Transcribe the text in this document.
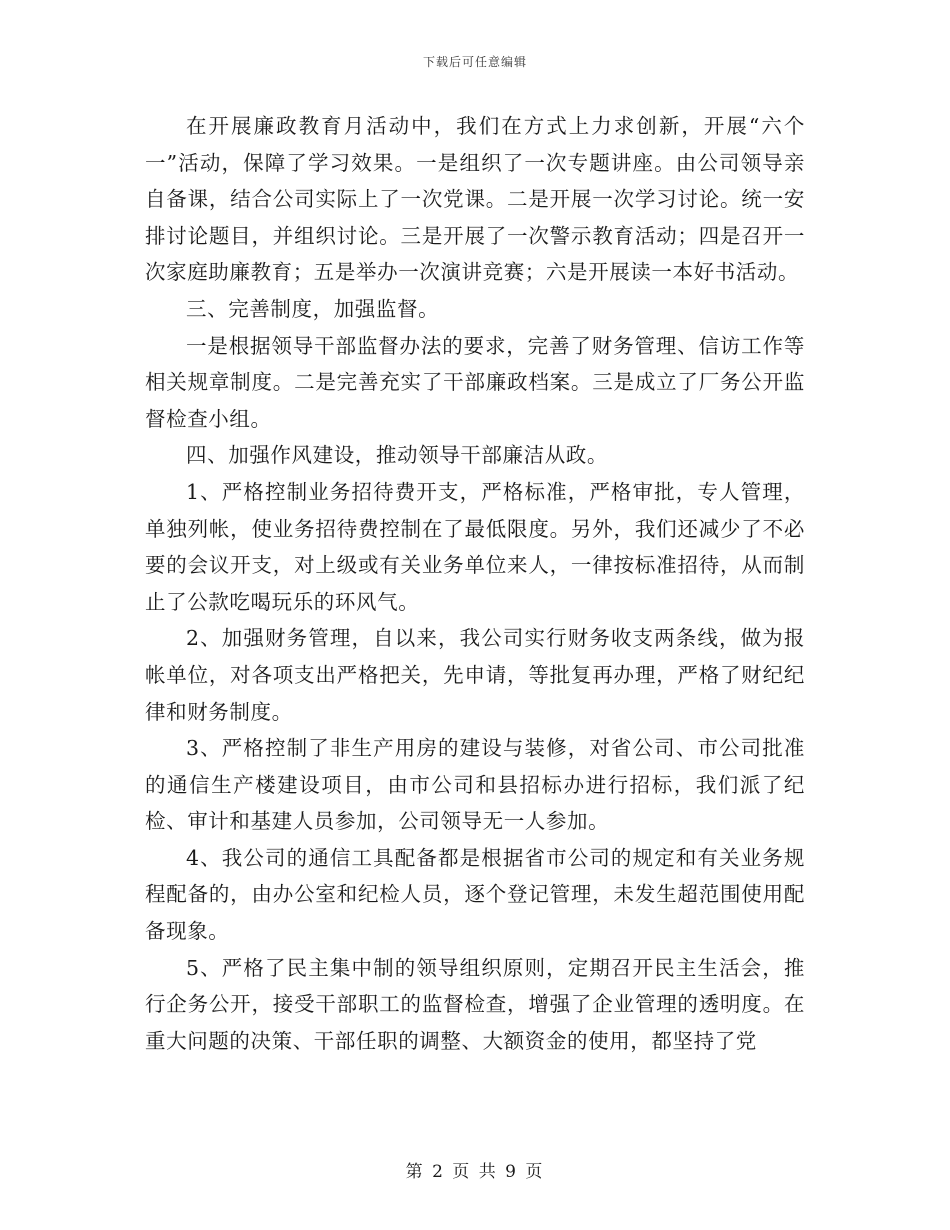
下载后可任意编辑

在开展廉政教育月活动中，我们在方式上力求创新，开展“六个一”活动，保障了学习效果。一是组织了一次专题讲座。由公司领导亲自备课，结合公司实际上了一次党课。二是开展一次学习讨论。统一安排讨论题目，并组织讨论。三是开展了一次警示教育活动；四是召开一次家庭助廉教育；五是举办一次演讲竞赛；六是开展读一本好书活动。

三、完善制度，加强监督。

一是根据领导干部监督办法的要求，完善了财务管理、信访工作等相关规章制度。二是完善充实了干部廉政档案。三是成立了厂务公开监督检查小组。

四、加强作风建设，推动领导干部廉洁从政。

1、严格控制业务招待费开支，严格标准，严格审批，专人管理，单独列帐，使业务招待费控制在了最低限度。另外，我们还减少了不必要的会议开支，对上级或有关业务单位来人，一律按标准招待，从而制止了公款吃喝玩乐的环风气。

2、加强财务管理，自以来，我公司实行财务收支两条线，做为报帐单位，对各项支出严格把关，先申请，等批复再办理，严格了财纪纪律和财务制度。

3、严格控制了非生产用房的建设与装修，对省公司、市公司批准的通信生产楼建设项目，由市公司和县招标办进行招标，我们派了纪检、审计和基建人员参加，公司领导无一人参加。

4、我公司的通信工具配备都是根据省市公司的规定和有关业务规程配备的，由办公室和纪检人员，逐个登记管理，未发生超范围使用配备现象。

5、严格了民主集中制的领导组织原则，定期召开民主生活会，推行企务公开，接受干部职工的监督检查，增强了企业管理的透明度。在重大问题的决策、干部任职的调整、大额资金的使用，都坚持了党

第 2 页 共 9 页
